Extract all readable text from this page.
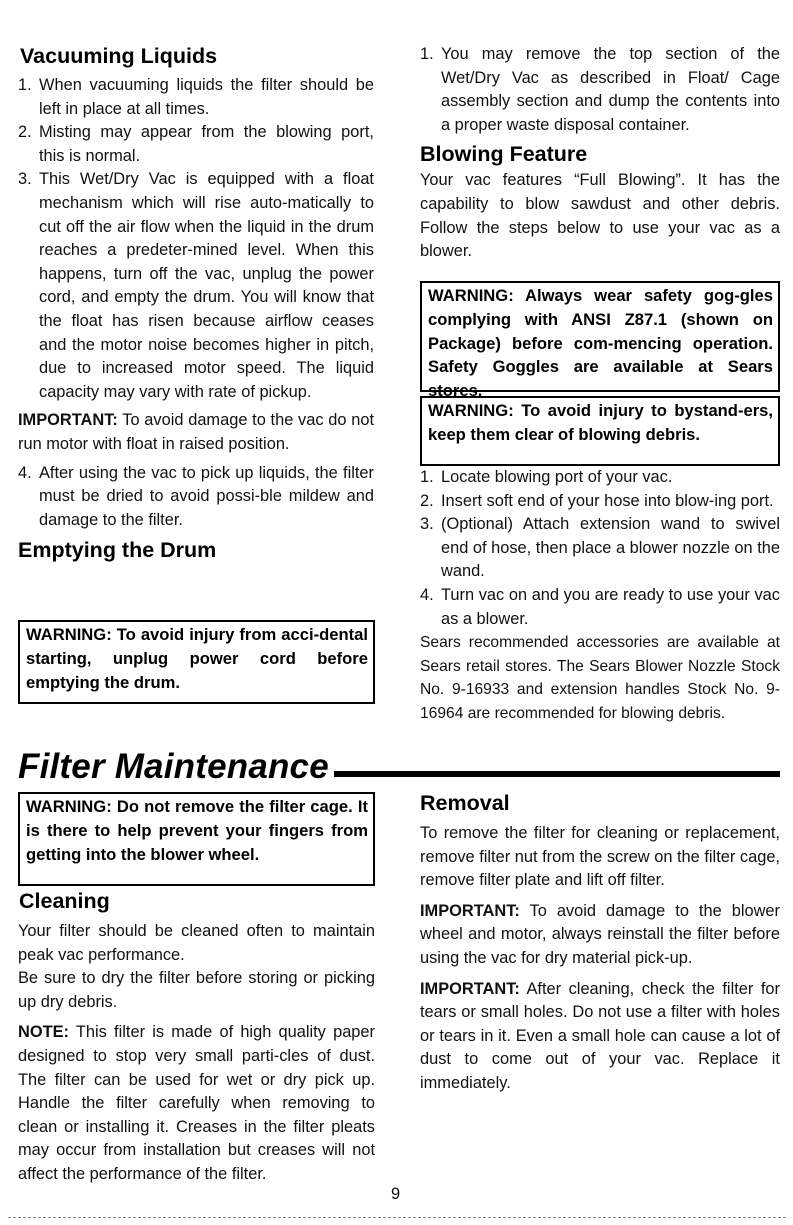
Vacuuming Liquids
1. When vacuuming liquids the filter should be left in place at all times.
2. Misting may appear from the blowing port, this is normal.
3. This Wet/Dry Vac is equipped with a float mechanism which will rise auto-matically to cut off the air flow when the liquid in the drum reaches a predeter-mined level. When this happens, turn off the vac, unplug the power cord, and empty the drum. You will know that the float has risen because airflow ceases and the motor noise becomes higher in pitch, due to increased motor speed. The liquid capacity may vary with rate of pickup.

IMPORTANT: To avoid damage to the vac do not run motor with float in raised position.

4. After using the vac to pick up liquids, the filter must be dried to avoid possi-ble mildew and damage to the filter.
Emptying the Drum
WARNING: To avoid injury from acci-dental starting, unplug power cord before emptying the drum.
1. You may remove the top section of the Wet/Dry Vac as described in Float/ Cage assembly section and dump the contents into a proper waste disposal container.
Blowing Feature

Your vac features “Full Blowing”. It has the capability to blow sawdust and other debris. Follow the steps below to use your vac as a blower.

WARNING: Always wear safety gog-gles complying with ANSI Z87.1 (shown on Package) before com-mencing operation. Safety Goggles are available at Sears stores.
WARNING: To avoid injury to bystand-ers, keep them clear of blowing debris.
1. Locate blowing port of your vac.
2. Insert soft end of your hose into blow-ing port.
3. (Optional) Attach extension wand to swivel end of hose, then place a blower nozzle on the wand.
4. Turn vac on and you are ready to use your vac as a blower.

Sears recommended accessories are available at Sears retail stores. The Sears Blower Nozzle Stock No. 9-16933 and extension handles Stock No. 9-16964 are recommended for blowing debris.

Filter Maintenance
WARNING: Do not remove the filter cage. It is there to help prevent your fingers from getting into the blower wheel.
Cleaning

Your filter should be cleaned often to maintain peak vac performance.

Be sure to dry the filter before storing or picking up dry debris.

NOTE: This filter is made of high quality paper designed to stop very small parti-cles of dust. The filter can be used for wet or dry pick up. Handle the filter carefully when removing to clean or installing it. Creases in the filter pleats may occur from installation but creases will not affect the performance of the filter.

Removal

To remove the filter for cleaning or replacement, remove filter nut from the screw on the filter cage, remove filter plate and lift off filter.

IMPORTANT: To avoid damage to the blower wheel and motor, always reinstall the filter before using the vac for dry material pick-up.

IMPORTANT: After cleaning, check the filter for tears or small holes. Do not use a filter with holes or tears in it. Even a small hole can cause a lot of dust to come out of your vac. Replace it immediately.

9
